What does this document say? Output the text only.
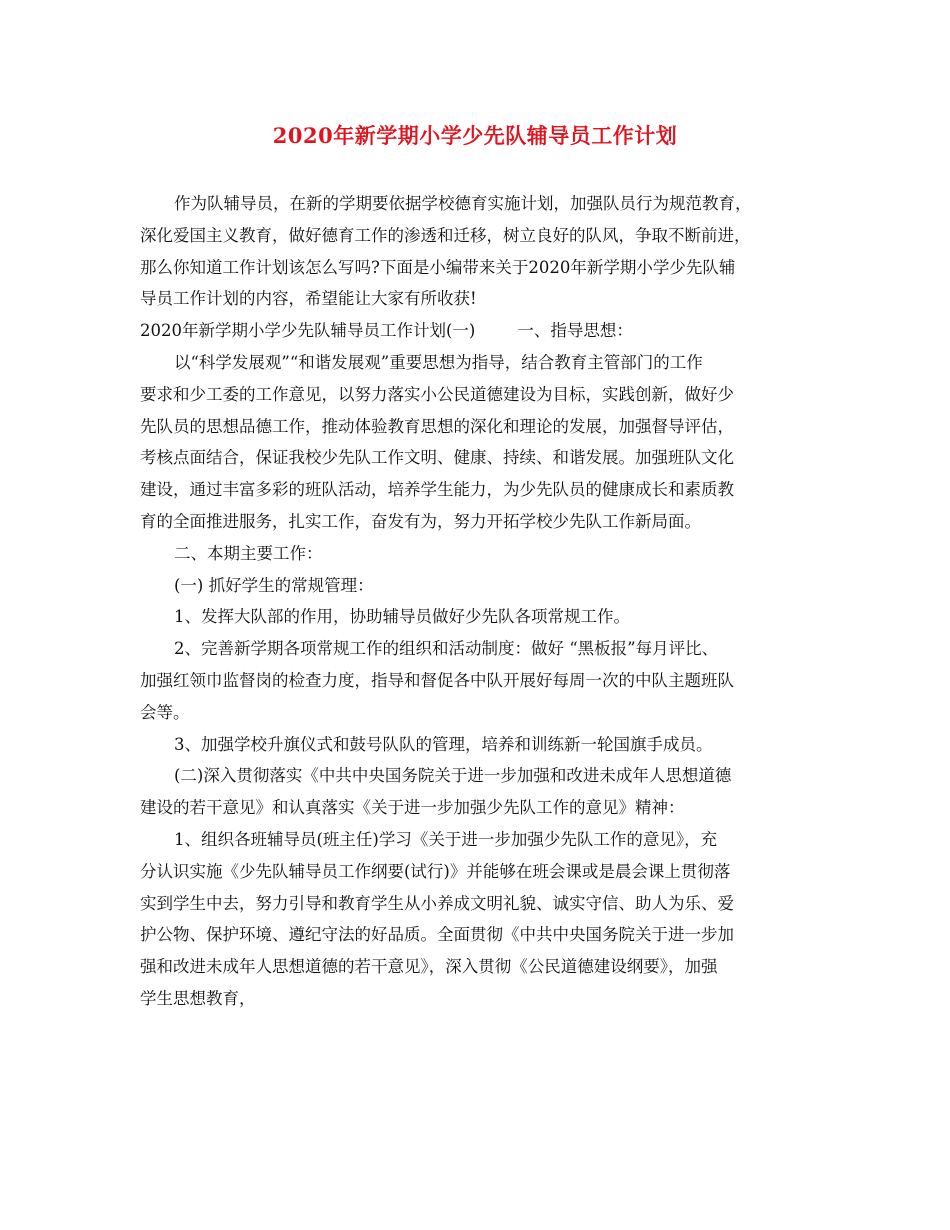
2020年新学期小学少先队辅导员工作计划
作为队辅导员，在新的学期要依据学校德育实施计划，加强队员行为规范教育，
深化爱国主义教育，做好德育工作的渗透和迁移，树立良好的队风，争取不断前进，
那么你知道工作计划该怎么写吗?下面是小编带来关于2020年新学期小学少先队辅
导员工作计划的内容，希望能让大家有所收获!
2020年新学期小学少先队辅导员工作计划(一)	一、指导思想：
以“科学发展观”“和谐发展观”重要思想为指导，结合教育主管部门的工作
要求和少工委的工作意见，以努力落实小公民道德建设为目标，实践创新，做好少
先队员的思想品德工作，推动体验教育思想的深化和理论的发展，加强督导评估，
考核点面结合，保证我校少先队工作文明、健康、持续、和谐发展。加强班队文化
建设，通过丰富多彩的班队活动，培养学生能力，为少先队员的健康成长和素质教
育的全面推进服务，扎实工作，奋发有为，努力开拓学校少先队工作新局面。
二、本期主要工作：
(一) 抓好学生的常规管理：
1、发挥大队部的作用，协助辅导员做好少先队各项常规工作。
2、完善新学期各项常规工作的组织和活动制度：做好 “黑板报”每月评比、
加强红领巾监督岗的检查力度，指导和督促各中队开展好每周一次的中队主题班队
会等。
3、加强学校升旗仪式和鼓号队队的管理，培养和训练新一轮国旗手成员。
(二)深入贯彻落实《中共中央国务院关于进一步加强和改进未成年人思想道德
建设的若干意见》和认真落实《关于进一步加强少先队工作的意见》精神：
1、组织各班辅导员(班主任)学习《关于进一步加强少先队工作的意见》，充
分认识实施《少先队辅导员工作纲要(试行)》并能够在班会课或是晨会课上贯彻落
实到学生中去，努力引导和教育学生从小养成文明礼貌、诚实守信、助人为乐、爱
护公物、保护环境、遵纪守法的好品质。全面贯彻《中共中央国务院关于进一步加
强和改进未成年人思想道德的若干意见》，深入贯彻《公民道德建设纲要》，加强
学生思想教育，
